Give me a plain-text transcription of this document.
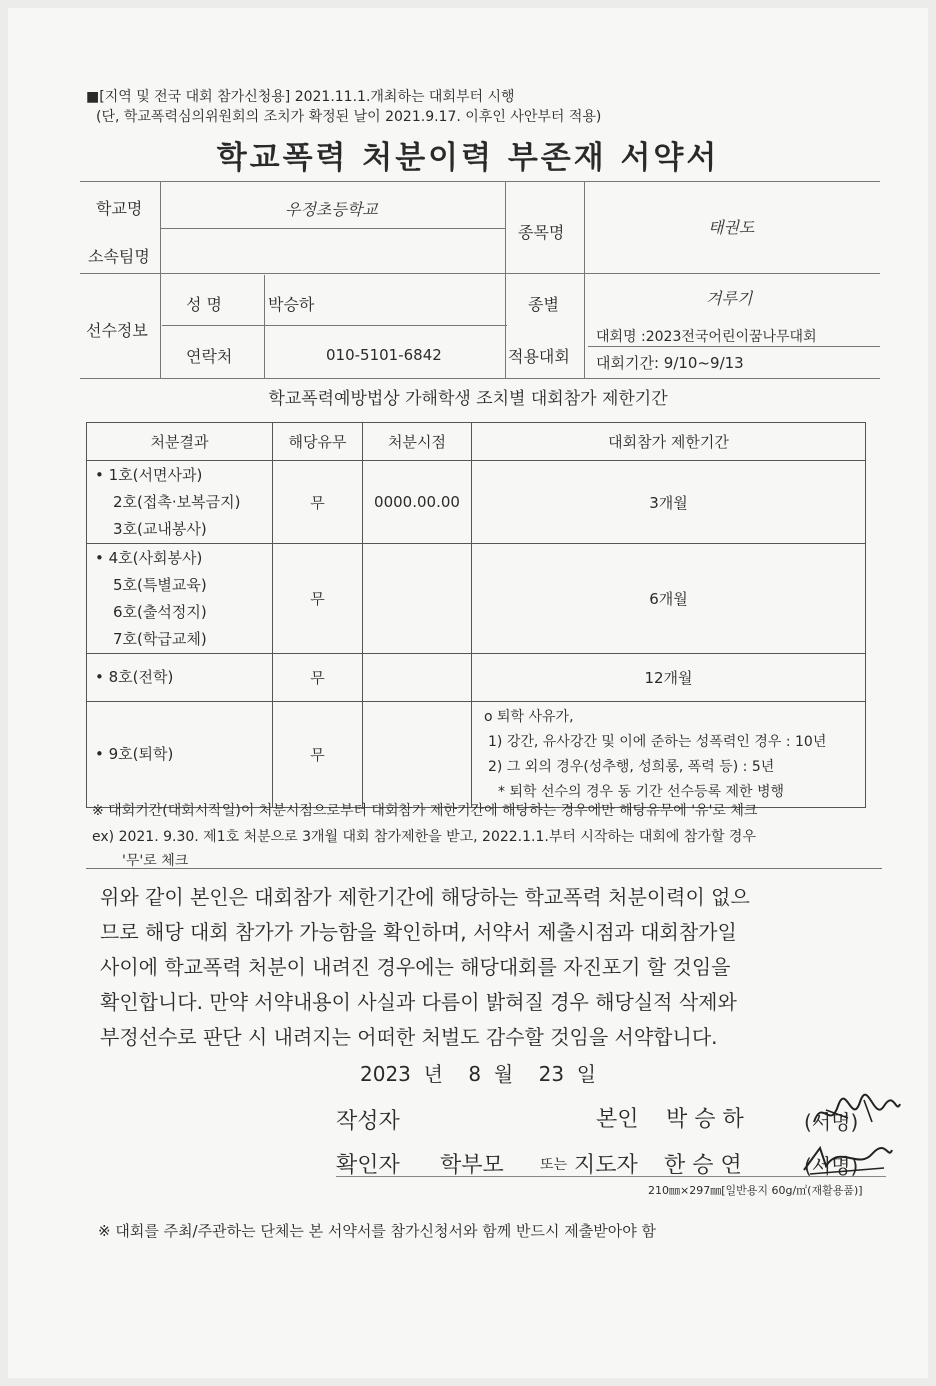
■[지역 및 전국 대회 참가신청용] 2021.11.1.개최하는 대회부터 시행
(단, 학교폭력심의위원회의 조치가 확정된 날이 2021.9.17. 이후인 사안부터 적용)
학교폭력 처분이력 부존재 서약서
학교명	우정초등학교
소속팀명
종목명	태권도
선수정보
성 명	박승하
연락처	010-5101-6842
종별	겨루기
적용대회
대회명 :2023전국어린이꿈나무대회
대회기간: 9/10~9/13
학교폭력예방법상 가해학생 조치별 대회참가 제한기간
처분결과	해당유무	처분시점	대회참가 제한기간

• 1호(서면사과)
2호(접촉·보복금지)
3호(교내봉사)	무	0000.00.00	3개월

• 4호(사회봉사)
5호(특별교육)
6호(출석정지)
7호(학급교체)	무		6개월

• 8호(전학)	무		12개월

• 9호(퇴학)	무		o 퇴학 사유가,
1) 강간, 유사강간 및 이에 준하는 성폭력인 경우 : 10년
2) 그 외의 경우(성추행, 성희롱, 폭력 등) : 5년
* 퇴학 선수의 경우 동 기간 선수등록 제한 병행
※ 대회기간(대회시작일)이 처분시점으로부터 대회참가 제한기간에 해당하는 경우에만 해당유무에 '유'로 체크
ex) 2021. 9.30. 제1호 처분으로 3개월 대회 참가제한을 받고, 2022.1.1.부터 시작하는 대회에 참가할 경우
'무'로 체크
위와 같이 본인은 대회참가 제한기간에 해당하는 학교폭력 처분이력이 없으
므로 해당 대회 참가가 가능함을 확인하며, 서약서 제출시점과 대회참가일
사이에 학교폭력 처분이 내려진 경우에는 해당대회를 자진포기 할 것임을
확인합니다. 만약 서약내용이 사실과 다름이 밝혀질 경우 해당실적 삭제와
부정선수로 판단 시 내려지는 어떠한 처벌도 감수할 것임을 서약합니다.
2023 년 8 월 23 일
작성자	본인 박 승 하	(서명)
확인자 학부모	또는 지도자 한 승 연	(서명)
210㎜×297㎜[일반용지 60g/㎡(재활용품)]
※ 대회를 주최/주관하는 단체는 본 서약서를 참가신청서와 함께 반드시 제출받아야 함
